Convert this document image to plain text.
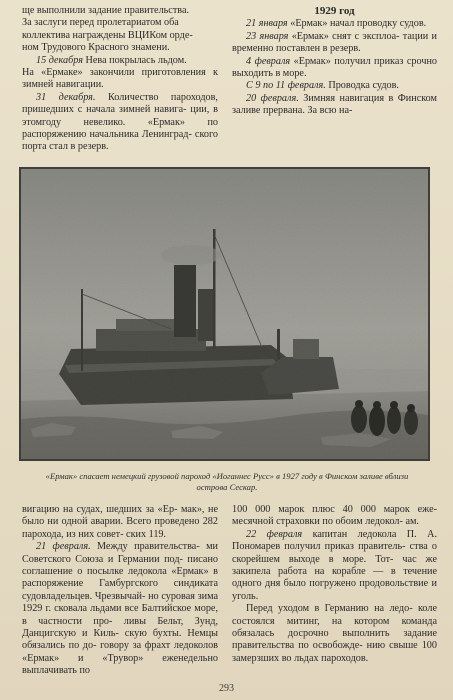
ще выполнили задание правительства.

За заслуги перед пролетариатом оба

коллектива награждены ВЦИКом орде-

ном Трудового Красного знамени.

15 декабря Нева покрылась льдом.

На «Ермаке» закончили приготовления к зимней навигации.

31 декабря. Количество пароходов, пришедших с начала зимней навига- ции, в этомгоду невелико. «Ермак» по распоряжению начальника Ленинград- ского порта стал в резерв.

1929 год

21 января «Ермак» начал проводку судов.

23 января «Ермак» снят с эксплоа- тации и временно поставлен в резерв.

4 февраля «Ермак» получил приказ срочно выходить в море.

С 9 по 11 февраля. Проводка судов.

20 февраля. Зимняя навигация в Финском заливе прервана. За всю на-

«Ермак» спасает немецкий грузовой пароход «Иоганнес Русс» в 1927 году в Финском заливе вблизи острова Сескар.

вигацию на судах, шедших за «Ер- мак», не было ни одной аварии. Всего проведено 282 парохода, из них совет- ских 119.

21 февраля. Между правительства- ми Советского Союза и Германии под- писано соглашение о посылке ледокола «Ермак» в распоряжение Гамбургского синдиката судовладельцев. Чрезвычай- но суровая зима 1929 г. сковала льдами все Балтийское море, в частности про- ливы Бельт, Зунд, Данцигскую и Киль- скую бухты. Немцы обязались по до- говору за фрахт ледоколов «Ермак» и «Трувор» еженедельно выплачивать по

100 000 марок плюс 40 000 марок еже- месячной страховки по обоим ледокол- ам.

22 февраля капитан ледокола П. А. Пономарев получил приказ правитель- ства о скорейшем выходе в море. Тот- час же закипела работа на корабле — в течение одного дня было погружено продовольствие и уголь.

Перед уходом в Германию на ледо- коле состоялся митинг, на котором команда обязалась досрочно выполнить задание правительства по освобожде- нию свыше 100 замерзших во льдах пароходов.

293
